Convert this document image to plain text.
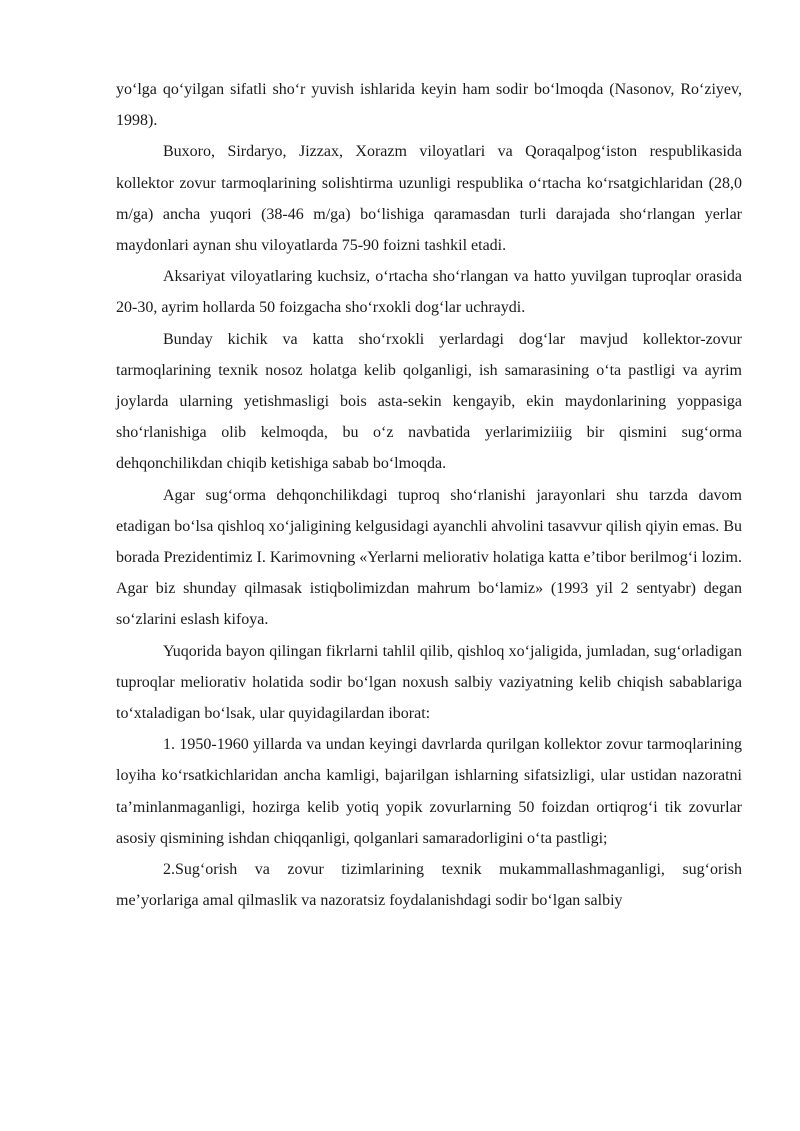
yo‘lga qo‘yilgan sifatli sho‘r yuvish ishlarida keyin ham sodir bo‘lmoqda (Nasonov, Ro‘ziyev, 1998).

Buxoro, Sirdaryo, Jizzax, Xorazm viloyatlari va Qoraqalpog‘iston respublikasida kollektor zovur tarmoqlarining solishtirma uzunligi respublika o‘rtacha ko‘rsatgichlaridan (28,0 m/ga) ancha yuqori (38-46 m/ga) bo‘lishiga qaramasdan turli darajada sho‘rlangan yerlar maydonlari aynan shu viloyatlarda 75-90 foizni tashkil etadi.

Aksariyat viloyatlaring kuchsiz, o‘rtacha sho‘rlangan va hatto yuvilgan tuproqlar orasida 20-30, ayrim hollarda 50 foizgacha sho‘rxokli dog‘lar uchraydi.

Bunday kichik va katta sho‘rxokli yerlardagi dog‘lar mavjud kollektor-zovur tarmoqlarining texnik nosoz holatga kelib qolganligi, ish samarasining o‘ta pastligi va ayrim joylarda ularning yetishmasligi bois asta-sekin kengayib, ekin maydonlarining yoppasiga sho‘rlanishiga olib kelmoqda, bu o‘z navbatida yerlarimiziiig bir qismini sug‘orma dehqonchilikdan chiqib ketishiga sabab bo‘lmoqda.

Agar sug‘orma dehqonchilikdagi tuproq sho‘rlanishi jarayonlari shu tarzda davom etadigan bo‘lsa qishloq xo‘jaligining kelgusidagi ayanchli ahvolini tasavvur qilish qiyin emas. Bu borada Prezidentimiz I. Karimovning «Yerlarni meliorativ holatiga katta e’tibor berilmog‘i lozim. Agar biz shunday qilmasak istiqbolimizdan mahrum bo‘lamiz» (1993 yil 2 sentyabr) degan so‘zlarini eslash kifoya.

Yuqorida bayon qilingan fikrlarni tahlil qilib, qishloq xo‘jaligida, jumladan, sug‘orladigan tuproqlar meliorativ holatida sodir bo‘lgan noxush salbiy vaziyatning kelib chiqish sabablariga to‘xtaladigan bo‘lsak, ular quyidagilardan iborat:

1. 1950-1960 yillarda va undan keyingi davrlarda qurilgan kollektor zovur tarmoqlarining loyiha ko‘rsatkichlaridan ancha kamligi, bajarilgan ishlarning sifatsizligi, ular ustidan nazoratni ta’minlanmaganligi, hozirga kelib yotiq yopik zovurlarning 50 foizdan ortiqrog‘i tik zovurlar asosiy qismining ishdan chiqqanligi, qolganlari samaradorligini o‘ta pastligi;

2.Sug‘orish va zovur tizimlarining texnik mukammallashmaganligi, sug‘orish me’yorlariga amal qilmaslik va nazoratsiz foydalanishdagi sodir bo‘lgan salbiy
